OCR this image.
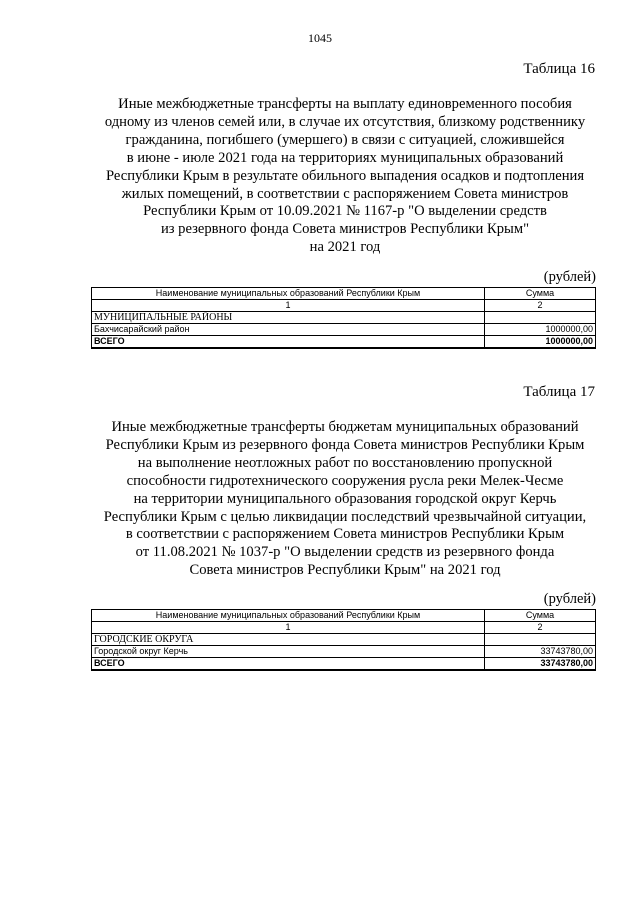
1045
Таблица 16
Иные межбюджетные трансферты на выплату единовременного пособия
одному из членов семей или, в случае их отсутствия, близкому родственнику
гражданина, погибшего (умершего) в связи с ситуацией, сложившейся
в июне - июле 2021 года на территориях муниципальных образований
Республики Крым в результате обильного выпадения осадков и подтопления
жилых помещений, в соответствии с распоряжением Совета министров
Республики Крым от 10.09.2021 № 1167-р "О выделении средств
из резервного фонда Совета министров Республики Крым"
на 2021 год
(рублей)
Наименование муниципальных образований Республики Крым	Сумма
1	2
МУНИЦИПАЛЬНЫЕ РАЙОНЫ	
Бахчисарайский район	1000000,00
ВСЕГО	1000000,00
Таблица 17
Иные межбюджетные трансферты бюджетам муниципальных образований
Республики Крым из резервного фонда Совета министров Республики Крым
на выполнение неотложных работ по восстановлению пропускной
способности гидротехнического сооружения русла реки Мелек-Чесме
на территории муниципального образования городской округ Керчь
Республики Крым с целью ликвидации последствий чрезвычайной ситуации,
в соответствии с распоряжением Совета министров Республики Крым
от 11.08.2021 № 1037-р "О выделении средств из резервного фонда
Совета министров Республики Крым" на 2021 год
(рублей)
Наименование муниципальных образований Республики Крым	Сумма
1	2
ГОРОДСКИЕ ОКРУГА	
Городской округ Керчь	33743780,00
ВСЕГО	33743780,00
